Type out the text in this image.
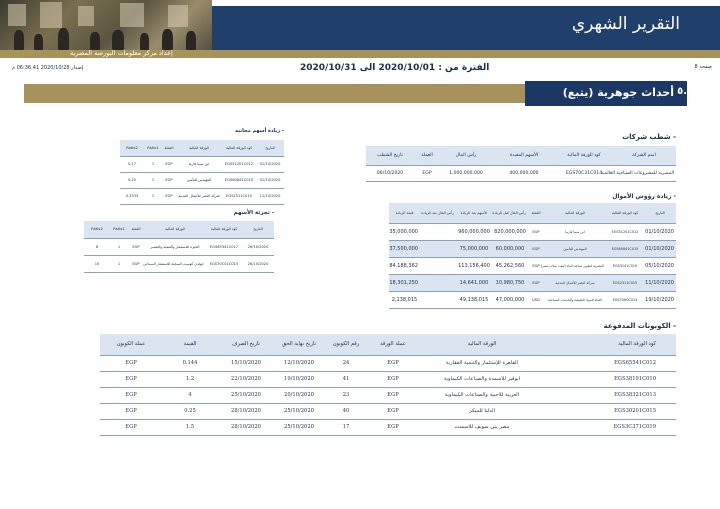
التقرير الشهري
إعداد مركز معلومات البورصة المصرية
صفحة 8
الفترة من : 2020/10/01 الى 2020/10/31
إصدار 2020/10/28 06:36:41 م
أحداث جوهرية (يتبع) ٥.
- شطب شركات
اسم الشركة	كود الورقة المالية	الأسهم المقيدة	رأس المال	العملة	تاريخ الشطب
المصرية للمشروعات السياحية العالمية	EGS70C31C014	400,000,000	1,000,000,000	EGP	06/10/2020
- زيادة رؤوس الأموال
التاريخ	كود الورقة المالية	الورقة المالية	العملة	رأس المال قبل الزيادة	الأسهم بعد الزيادة	رأس المال بعد الزيادة	قيمة الزيادة
01/10/2020	EGS51201C012	ابن سينا فارما	EGP	820,000,000	960,000,000		35,000,000
01/10/2020	EGS60841C015	المهندس للتأمين	EGP	60,000,000	75,000,000		37,500,000
05/10/2020	EGS3141C019	المصرية لتطوير صناعة البناء (ليفت سلاب مصر)	EGP	45,262,560	113,156,400		84,188,362
11/10/2020	EGS2311C015	شركة النصر للأعمال المدنية	EGP	10,980,750	14,641,000		18,301,250
19/10/2020	EGS70H0C014	القناه للمواد الطبيعية والخدمات السياحية	USD	47,000,000	49,138,015		2,138,015
- زيادة أسهم مجانية
التاريخ	كود الورقة المالية	الورقة المالية	العملة	Ratio1	Ratio2
01/10/2020	EGS51201C012	ابن سينا فارما	EGP	1	0.17
01/10/2020	EGS60841C015	المهندس للتأمين	EGP	1	0.25
11/10/2020	EGS2311C015	شركة النصر للأعمال المدنية	EGP	1	0.3333
- تجزئة الأسهم
التاريخ	كود الورقة المالية	الورقة المالية	العملة	Ratio1	Ratio2
26/10/2020	EGS65341C017	الجيزة للاستثمار والتنمية والتعمير	EGP	1	8
26/10/2020	EGS70C01C015	جولدن كوست السخنة للاستثمار السياحي	EGP	1	10
- الكوبونات المدفوعة
كود الورقة المالية	الورقة المالية	عملة الورقة	رقم الكوبون	تاريخ نهاية الحق	تاريخ الصرف	القيمة	عملة الكوبون
EGS65541C012	القاهرة للإستثمار والتنمية العقارية	EGP	24	12/10/2020	15/10/2020	0.144	EGP
EGS38191C010	ابوقير للاسمدة والصناعات الكيماوية	EGP	41	19/10/2020	22/10/2020	1.2	EGP
EGS38321C013	العربية للاحبية والصناعات الكيماوية	EGP	23	20/10/2020	25/10/2020	4	EGP
EGS30201C015	الدلتا للسكر	EGP	40	25/10/2020	28/10/2020	0.25	EGP
EGS3C371C019	مصر بني سويف للاسمنت	EGP	17	25/10/2020	28/10/2020	1.5	EGP
